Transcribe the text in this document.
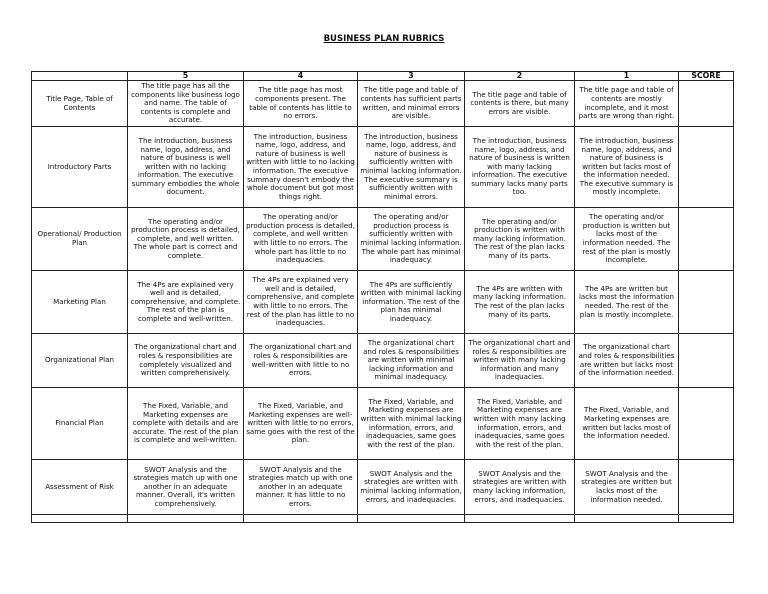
BUSINESS PLAN RUBRICS
	5	4	3	2	1	SCORE
Title Page, Table of Contents	The title page has all the components like business logo and name. The table of contents is complete and accurate.	The title page has most components present. The table of contents has little to no errors.	The title page and table of contents has sufficient parts written, and minimal errors are visible.	The title page and table of contents is there, but many errors are visible.	The title page and table of contents are mostly incomplete, and it most parts are wrong than right.	
Introductory Parts	The introduction, business name, logo, address, and nature of business is well written with no lacking information. The executive summary embodies the whole document.	The introduction, business name, logo, address, and nature of business is well written with little to no lacking information. The executive summary doesn't embody the whole document but got most things right.	The introduction, business name, logo, address, and nature of business is sufficiently written with minimal lacking information. The executive summary is sufficiently written with minimal errors.	The introduction, business name, logo, address, and nature of business is written with many lacking information. The executive summary lacks many parts too.	The introduction, business name, logo, address, and nature of business is written but lacks most of the information needed. The executive summary is mostly incomplete.	
Operational/ Production Plan	The operating and/or production process is detailed, complete, and well written. The whole part is correct and complete.	The operating and/or production process is detailed, complete, and well written with little to no errors. The whole part has little to no inadequacies.	The operating and/or production process is sufficiently written with minimal lacking information. The whole part has minimal inadequacy.	The operating and/or production is written with many lacking information. The rest of the plan lacks many of its parts.	The operating and/or production is written but lacks most of the information needed. The rest of the plan is mostly incomplete.	
Marketing Plan	The 4Ps are explained very well and is detailed, comprehensive, and complete. The rest of the plan is complete and well-written.	The 4Ps are explained very well and is detailed, comprehensive, and complete with little to no errors. The rest of the plan has little to no inadequacies.	The 4Ps are sufficiently written with minimal lacking information. The rest of the plan has minimal inadequacy.	The 4Ps are written with many lacking information. The rest of the plan lacks many of its parts.	The 4Ps are written but lacks most the information needed. The rest of the plan is mostly incomplete.	
Organizational Plan	The organizational chart and roles & responsibilities are completely visualized and written comprehensively.	The organizational chart and roles & responsibilities are well-written with little to no errors.	The organizational chart and roles & responsibilities are written with minimal lacking information and minimal inadequacy.	The organizational chart and roles & responsibilities are written with many lacking information and many inadequacies.	The organizational chart and roles & responsibilities are written but lacks most of the information needed.	
Financial Plan	The Fixed, Variable, and Marketing expenses are complete with details and are accurate. The rest of the plan is complete and well-written.	The Fixed, Variable, and Marketing expenses are well-written with little to no errors, same goes with the rest of the plan.	The Fixed, Variable, and Marketing expenses are written with minimal lacking information, errors, and inadequacies, same goes with the rest of the plan.	The Fixed, Variable, and Marketing expenses are written with many lacking information, errors, and inadequacies, same goes with the rest of the plan.	The Fixed, Variable, and Marketing expenses are written but lacks most of the information needed.	
Assessment of Risk	SWOT Analysis and the strategies match up with one another in an adequate manner. Overall, it's written comprehensively.	SWOT Analysis and the strategies match up with one another in an adequate manner. It has little to no errors.	SWOT Analysis and the strategies are written with minimal lacking information, errors, and inadequacies.	SWOT Analysis and the strategies are written with many lacking information, errors, and inadequacies.	SWOT Analysis and the strategies are written but lacks most of the information needed.	
